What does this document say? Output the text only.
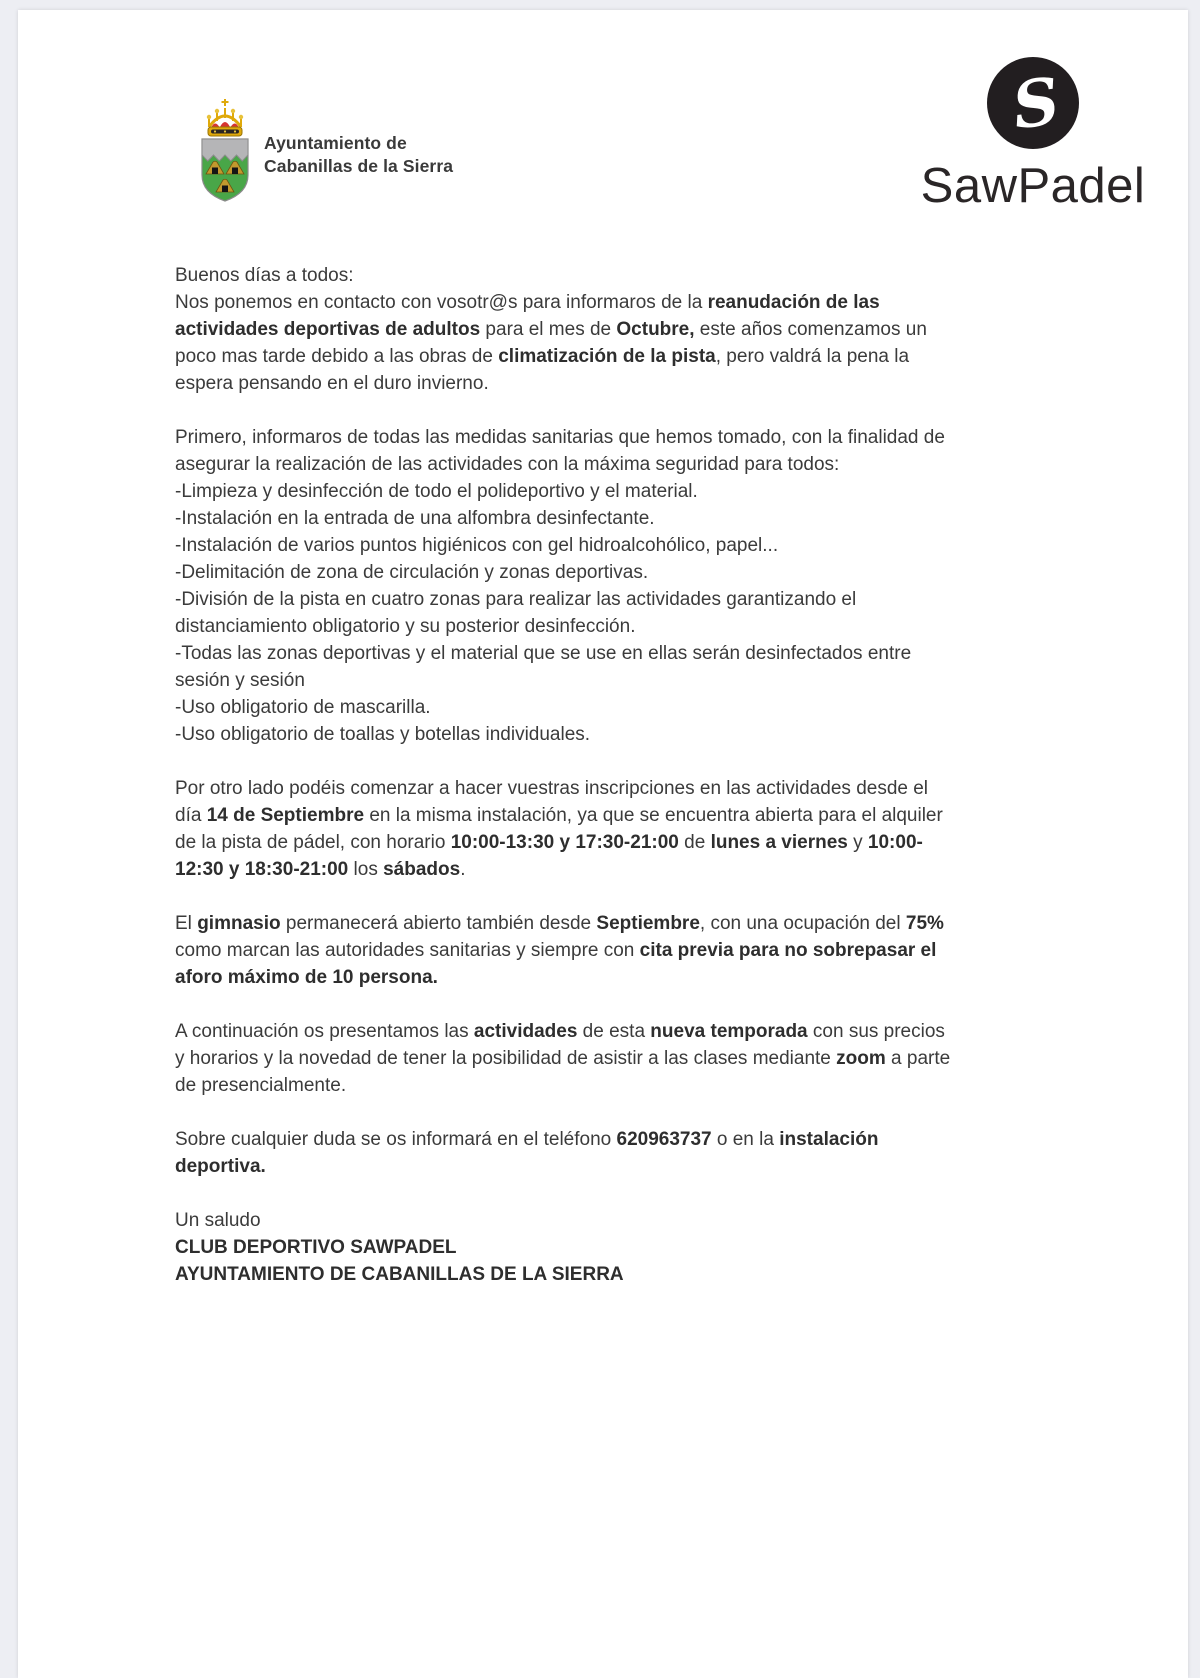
Ayuntamiento de
Cabanillas de la Sierra
S
SawPadel

Buenos días a todos:

Nos ponemos en contacto con vosotr@s para informaros de la reanudación de las actividades deportivas de adultos para el mes de Octubre, este años comenzamos un poco mas tarde debido a las obras de climatización de la pista, pero valdrá la pena la espera pensando en el duro invierno.

Primero, informaros de todas las medidas sanitarias que hemos tomado, con la finalidad de asegurar la realización de las actividades con la máxima seguridad para todos:

-Limpieza y desinfección de todo el polideportivo y el material.

-Instalación en la entrada de una alfombra desinfectante.

-Instalación de varios puntos higiénicos con gel hidroalcohólico, papel...

-Delimitación de zona de circulación y zonas deportivas.

-División de la pista en cuatro zonas para realizar las actividades garantizando el distanciamiento obligatorio y su posterior desinfección.

-Todas las zonas deportivas y el material que se use en ellas serán desinfectados entre sesión y sesión

-Uso obligatorio de mascarilla.

-Uso obligatorio de toallas y botellas individuales.

Por otro lado podéis comenzar a hacer vuestras inscripciones en las actividades desde el día 14 de Septiembre en la misma instalación, ya que se encuentra abierta para el alquiler de la pista de pádel, con horario 10:00-13:30 y 17:30-21:00 de lunes a viernes y 10:00-12:30 y 18:30-21:00 los sábados.

El gimnasio permanecerá abierto también desde Septiembre, con una ocupación del 75% como marcan las autoridades sanitarias y siempre con cita previa para no sobrepasar el aforo máximo de 10 persona.

A continuación os presentamos las actividades de esta nueva temporada con sus precios y horarios y la novedad de tener la posibilidad de asistir a las clases mediante zoom a parte de presencialmente.

Sobre cualquier duda se os informará en el teléfono 620963737 o en la instalación deportiva.

Un saludo

CLUB DEPORTIVO SAWPADEL

AYUNTAMIENTO DE CABANILLAS DE LA SIERRA
